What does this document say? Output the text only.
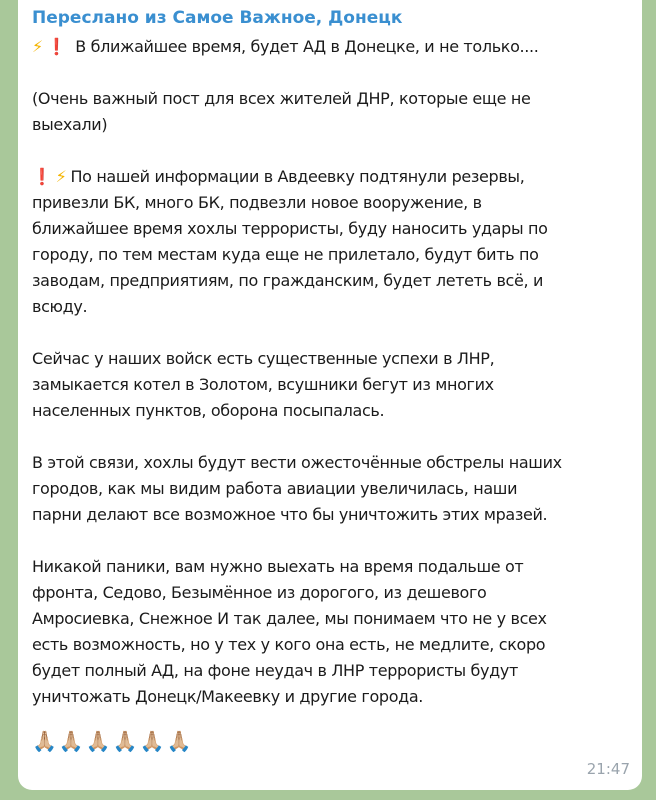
Переслано из Самое Важное, Донецк
⚡ ❗ В ближайшее время, будет АД в Донецке, и не только....
(Очень важный пост для всех жителей ДНР, которые еще не
выехали)
❗ ⚡ По нашей информации в Авдеевку подтянули резервы,
привезли БК, много БК, подвезли новое вооружение, в
ближайшее время хохлы террористы, буду наносить удары по
городу, по тем местам куда еще не прилетало, будут бить по
заводам, предприятиям, по гражданским, будет лететь всё, и
всюду.
Сейчас у наших войск есть существенные успехи в ЛНР,
замыкается котел в Золотом, всушники бегут из многих
населенных пунктов, оборона посыпалась.
В этой связи, хохлы будут вести ожесточённые обстрелы наших
городов, как мы видим работа авиации увеличилась, наши
парни делают все возможное что бы уничтожить этих мразей.
Никакой паники, вам нужно выехать на время подальше от
фронта, Седово, Безымённое из дорогого, из дешевого
Амросиевка, Снежное И так далее, мы понимаем что не у всех
есть возможность, но у тех у кого она есть, не медлите, скоро
будет полный АД, на фоне неудач в ЛНР террористы будут
уничтожать Донецк/Макеевку и другие города.
🙏🏼🙏🏼🙏🏼🙏🏼🙏🏼🙏🏼
21:47
